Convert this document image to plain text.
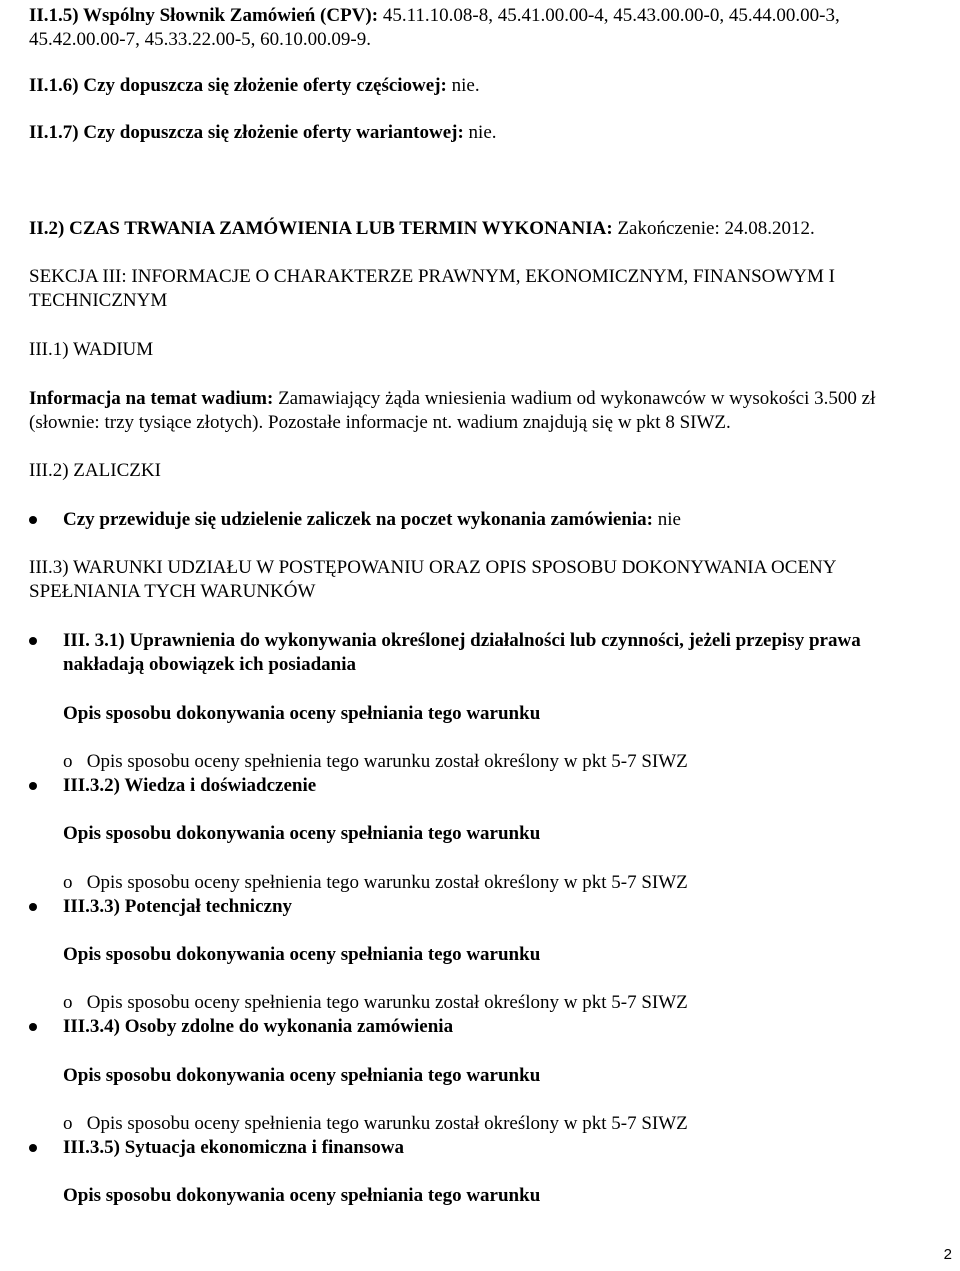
II.1.5) Wspólny Słownik Zamówień (CPV): 45.11.10.08-8, 45.41.00.00-4, 45.43.00.00-0, 45.44.00.00-3,
45.42.00.00-7, 45.33.22.00-5, 60.10.00.09-9.
II.1.6) Czy dopuszcza się złożenie oferty częściowej: nie.
II.1.7) Czy dopuszcza się złożenie oferty wariantowej: nie.
II.2) CZAS TRWANIA ZAMÓWIENIA LUB TERMIN WYKONANIA: Zakończenie: 24.08.2012.
SEKCJA III: INFORMACJE O CHARAKTERZE PRAWNYM, EKONOMICZNYM, FINANSOWYM I
TECHNICZNYM
III.1) WADIUM
Informacja na temat wadium: Zamawiający żąda wniesienia wadium od wykonawców w wysokości 3.500 zł
(słownie: trzy tysiące złotych). Pozostałe informacje nt. wadium znajdują się w pkt 8 SIWZ.
III.2) ZALICZKI
Czy przewiduje się udzielenie zaliczek na poczet wykonania zamówienia: nie
III.3) WARUNKI UDZIAŁU W POSTĘPOWANIU ORAZ OPIS SPOSOBU DOKONYWANIA OCENY
SPEŁNIANIA TYCH WARUNKÓW
III. 3.1) Uprawnienia do wykonywania określonej działalności lub czynności, jeżeli przepisy prawa
nakładają obowiązek ich posiadania
Opis sposobu dokonywania oceny spełniania tego warunku
o Opis sposobu oceny spełnienia tego warunku został określony w pkt 5-7 SIWZ
III.3.2) Wiedza i doświadczenie
Opis sposobu dokonywania oceny spełniania tego warunku
o Opis sposobu oceny spełnienia tego warunku został określony w pkt 5-7 SIWZ
III.3.3) Potencjał techniczny
Opis sposobu dokonywania oceny spełniania tego warunku
o Opis sposobu oceny spełnienia tego warunku został określony w pkt 5-7 SIWZ
III.3.4) Osoby zdolne do wykonania zamówienia
Opis sposobu dokonywania oceny spełniania tego warunku
o Opis sposobu oceny spełnienia tego warunku został określony w pkt 5-7 SIWZ
III.3.5) Sytuacja ekonomiczna i finansowa
Opis sposobu dokonywania oceny spełniania tego warunku
2
